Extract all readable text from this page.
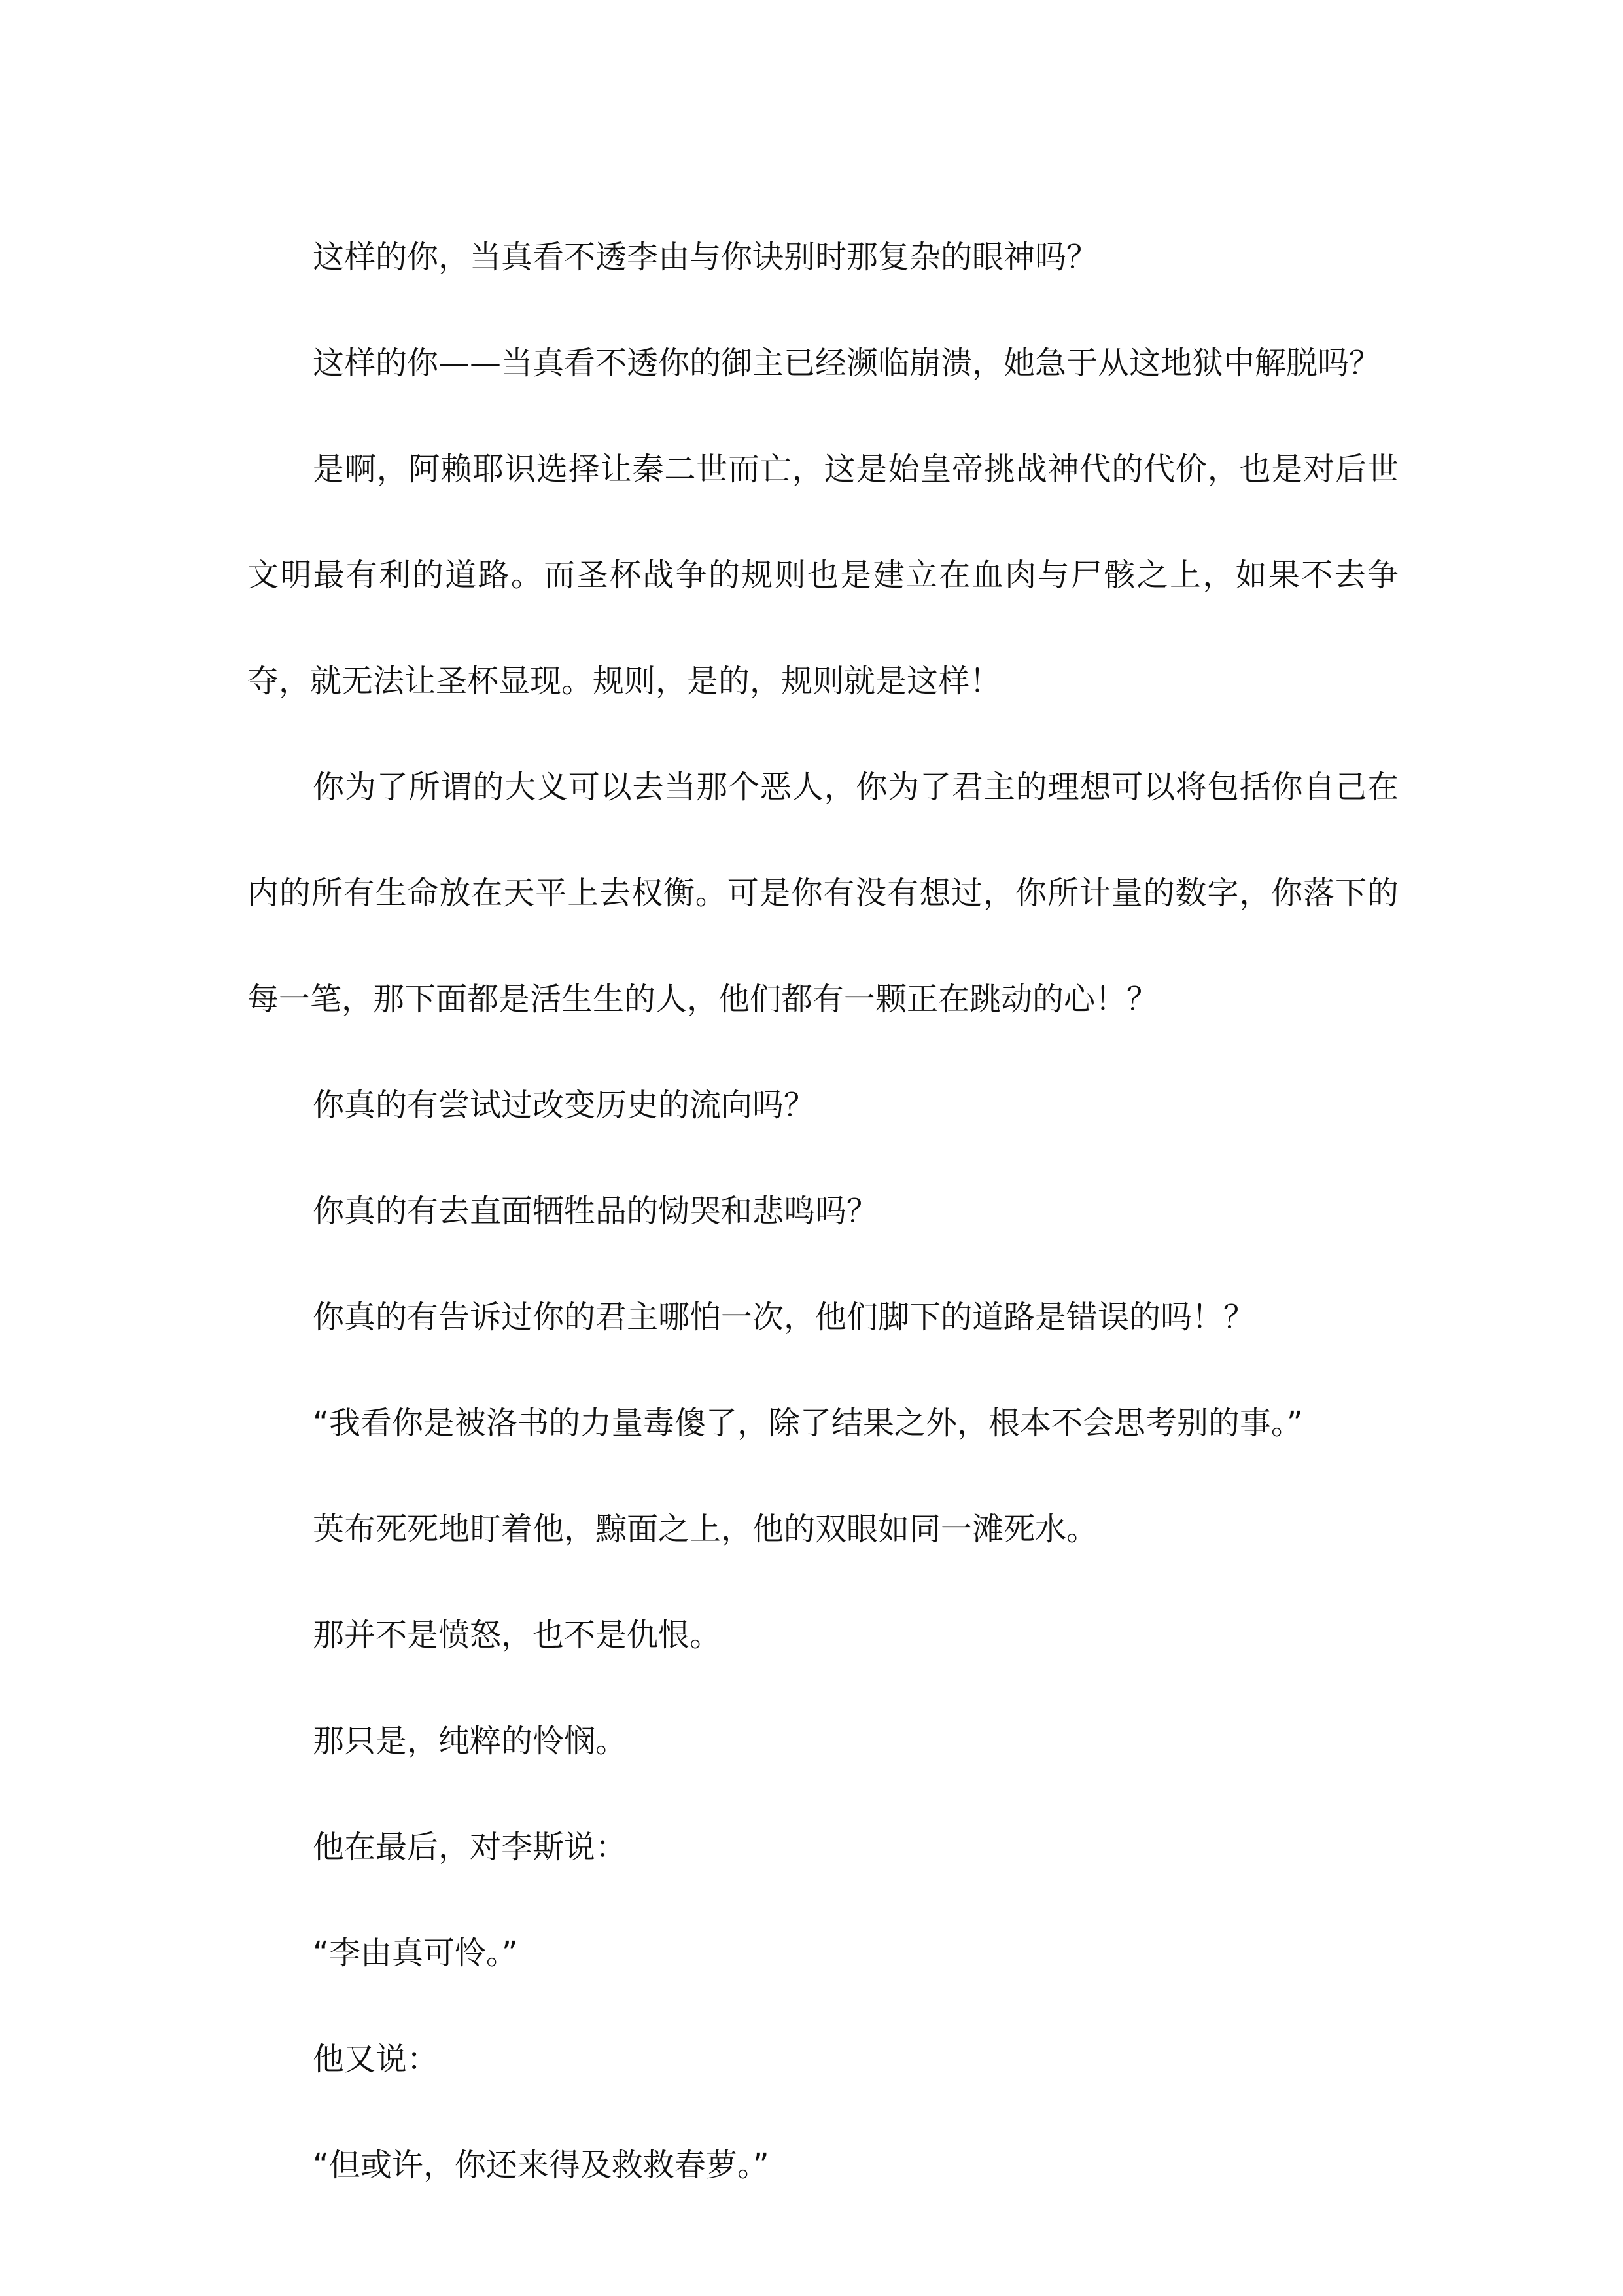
这样的你，当真看不透李由与你诀别时那复杂的眼神吗？

这样的你——当真看不透你的御主已经濒临崩溃，她急于从这地狱中解脱吗？

是啊，阿赖耶识选择让秦二世而亡，这是始皇帝挑战神代的代价，也是对后世文明最有利的道路。而圣杯战争的规则也是建立在血肉与尸骸之上，如果不去争夺，就无法让圣杯显现。规则，是的，规则就是这样！

你为了所谓的大义可以去当那个恶人，你为了君主的理想可以将包括你自己在内的所有生命放在天平上去权衡。可是你有没有想过，你所计量的数字，你落下的每一笔，那下面都是活生生的人，他们都有一颗正在跳动的心！？

你真的有尝试过改变历史的流向吗？

你真的有去直面牺牲品的恸哭和悲鸣吗？

你真的有告诉过你的君主哪怕一次，他们脚下的道路是错误的吗！？

“我看你是被洛书的力量毒傻了，除了结果之外，根本不会思考别的事。”

英布死死地盯着他，黥面之上，他的双眼如同一滩死水。

那并不是愤怒，也不是仇恨。

那只是，纯粹的怜悯。

他在最后，对李斯说：

“李由真可怜。”

他又说：

“但或许，你还来得及救救春萝。”
